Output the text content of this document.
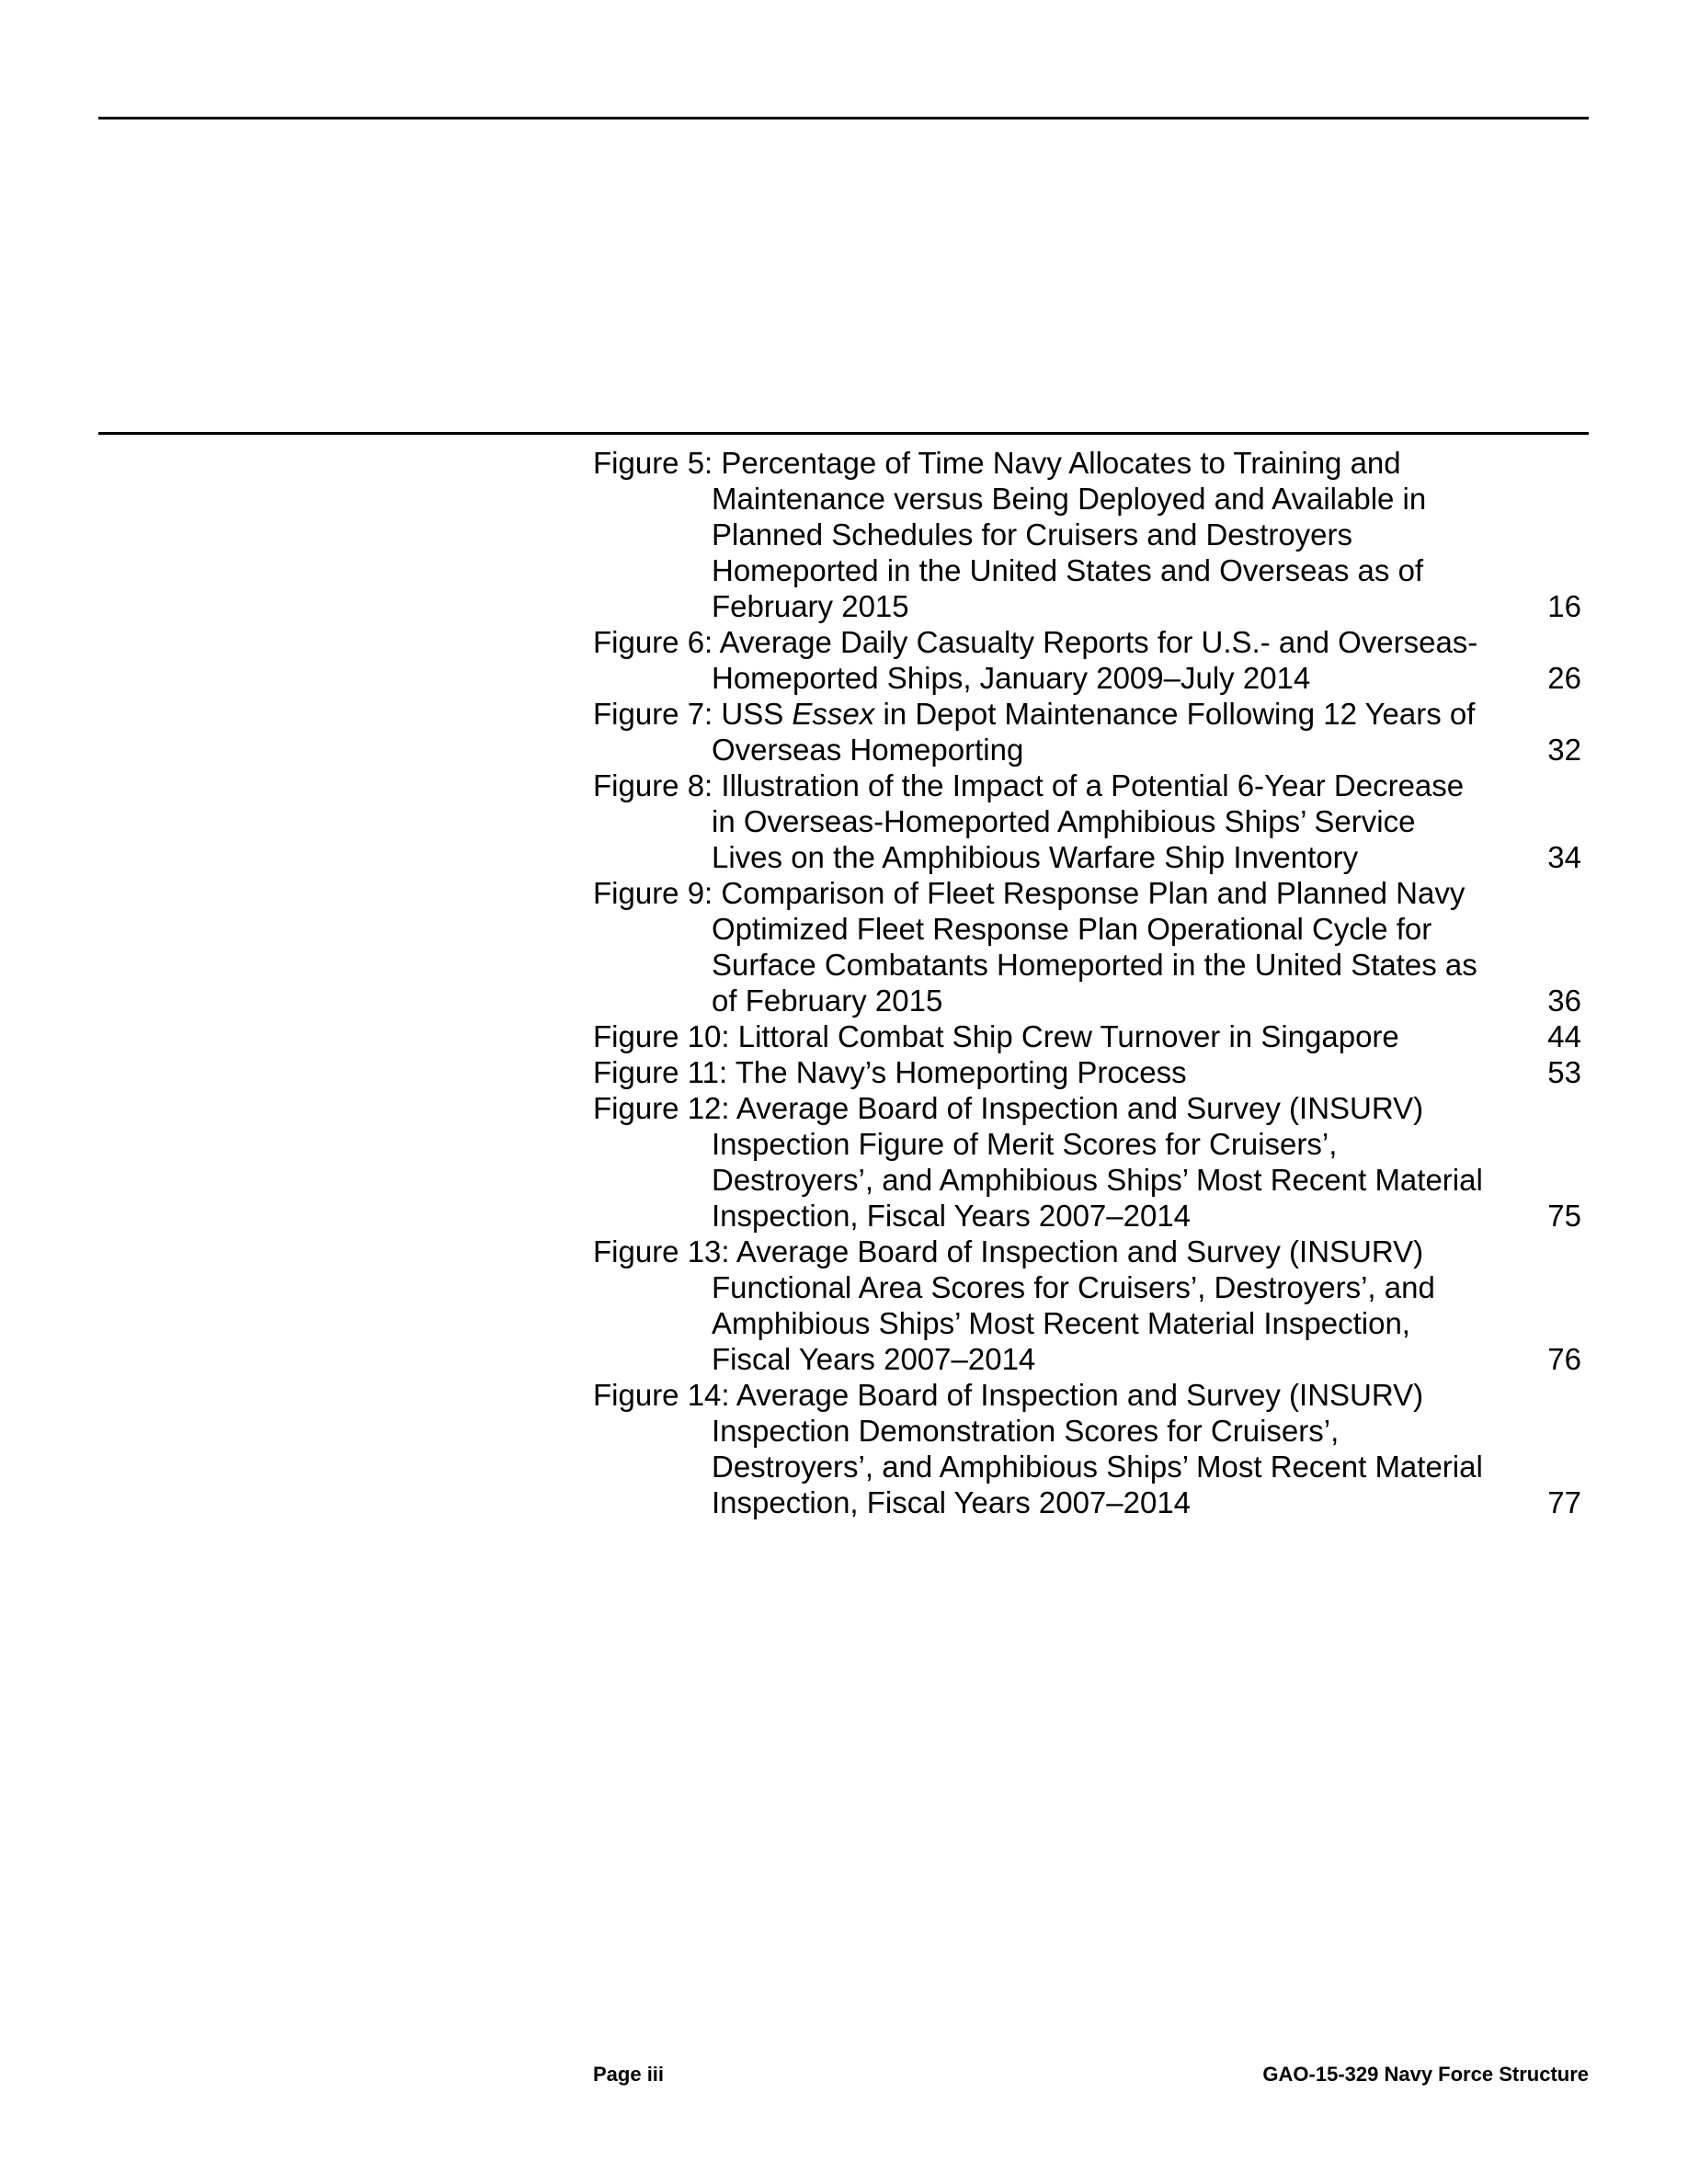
Figure 5: Percentage of Time Navy Allocates to Training and
Maintenance versus Being Deployed and Available in
Planned Schedules for Cruisers and Destroyers
Homeported in the United States and Overseas as of
February 2015	16
Figure 6: Average Daily Casualty Reports for U.S.- and Overseas-
Homeported Ships, January 2009–July 2014	26
Figure 7: USS Essex in Depot Maintenance Following 12 Years of
Overseas Homeporting	32
Figure 8: Illustration of the Impact of a Potential 6-Year Decrease
in Overseas-Homeported Amphibious Ships’ Service
Lives on the Amphibious Warfare Ship Inventory	34
Figure 9: Comparison of Fleet Response Plan and Planned Navy
Optimized Fleet Response Plan Operational Cycle for
Surface Combatants Homeported in the United States as
of February 2015	36
Figure 10: Littoral Combat Ship Crew Turnover in Singapore	44
Figure 11: The Navy’s Homeporting Process	53
Figure 12: Average Board of Inspection and Survey (INSURV)
Inspection Figure of Merit Scores for Cruisers’,
Destroyers’, and Amphibious Ships’ Most Recent Material
Inspection, Fiscal Years 2007–2014	75
Figure 13: Average Board of Inspection and Survey (INSURV)
Functional Area Scores for Cruisers’, Destroyers’, and
Amphibious Ships’ Most Recent Material Inspection,
Fiscal Years 2007–2014	76
Figure 14: Average Board of Inspection and Survey (INSURV)
Inspection Demonstration Scores for Cruisers’,
Destroyers’, and Amphibious Ships’ Most Recent Material
Inspection, Fiscal Years 2007–2014	77
Page iii	GAO-15-329 Navy Force Structure
